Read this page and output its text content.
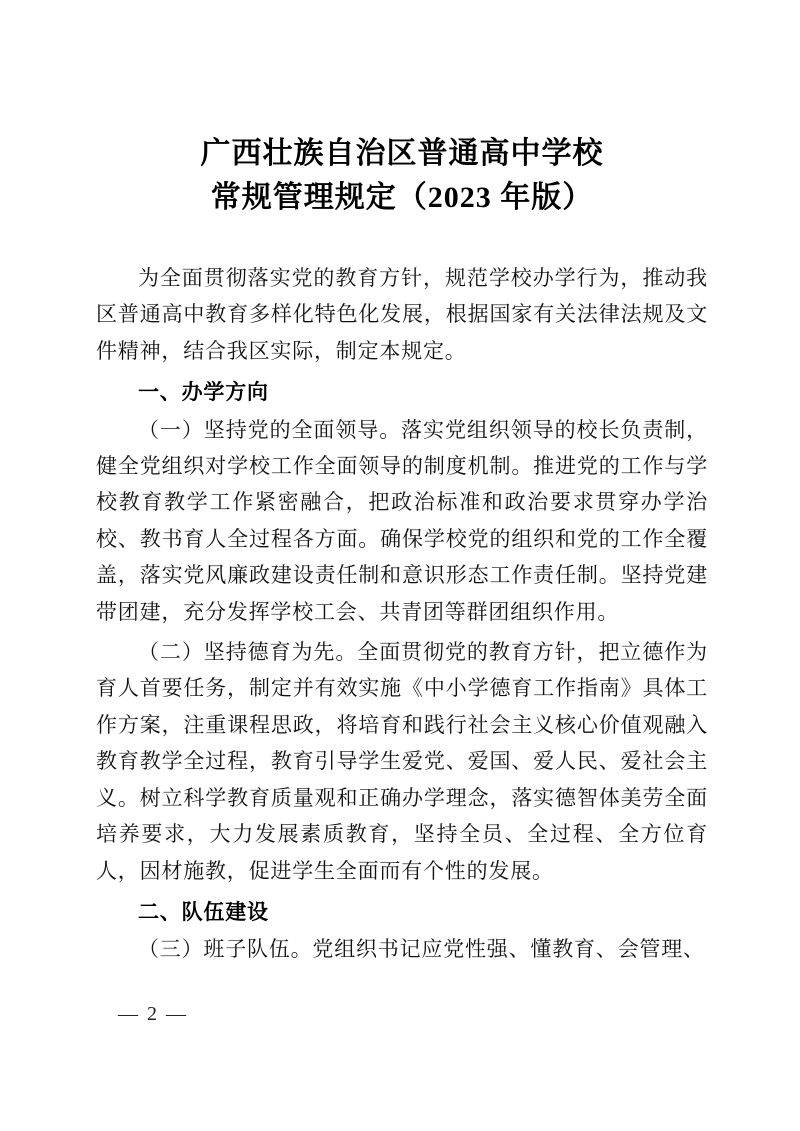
广西壮族自治区普通高中学校
常规管理规定（2023 年版）

为全面贯彻落实党的教育方针，规范学校办学行为，推动我区普通高中教育多样化特色化发展，根据国家有关法律法规及文件精神，结合我区实际，制定本规定。

一、办学方向

（一）坚持党的全面领导。落实党组织领导的校长负责制，健全党组织对学校工作全面领导的制度机制。推进党的工作与学校教育教学工作紧密融合，把政治标准和政治要求贯穿办学治校、教书育人全过程各方面。确保学校党的组织和党的工作全覆盖，落实党风廉政建设责任制和意识形态工作责任制。坚持党建带团建，充分发挥学校工会、共青团等群团组织作用。

（二）坚持德育为先。全面贯彻党的教育方针，把立德作为育人首要任务，制定并有效实施《中小学德育工作指南》具体工作方案，注重课程思政，将培育和践行社会主义核心价值观融入教育教学全过程，教育引导学生爱党、爱国、爱人民、爱社会主义。树立科学教育质量观和正确办学理念，落实德智体美劳全面培养要求，大力发展素质教育，坚持全员、全过程、全方位育人，因材施教，促进学生全面而有个性的发展。

二、队伍建设

（三）班子队伍。党组织书记应党性强、懂教育、会管理、

— 2 —
